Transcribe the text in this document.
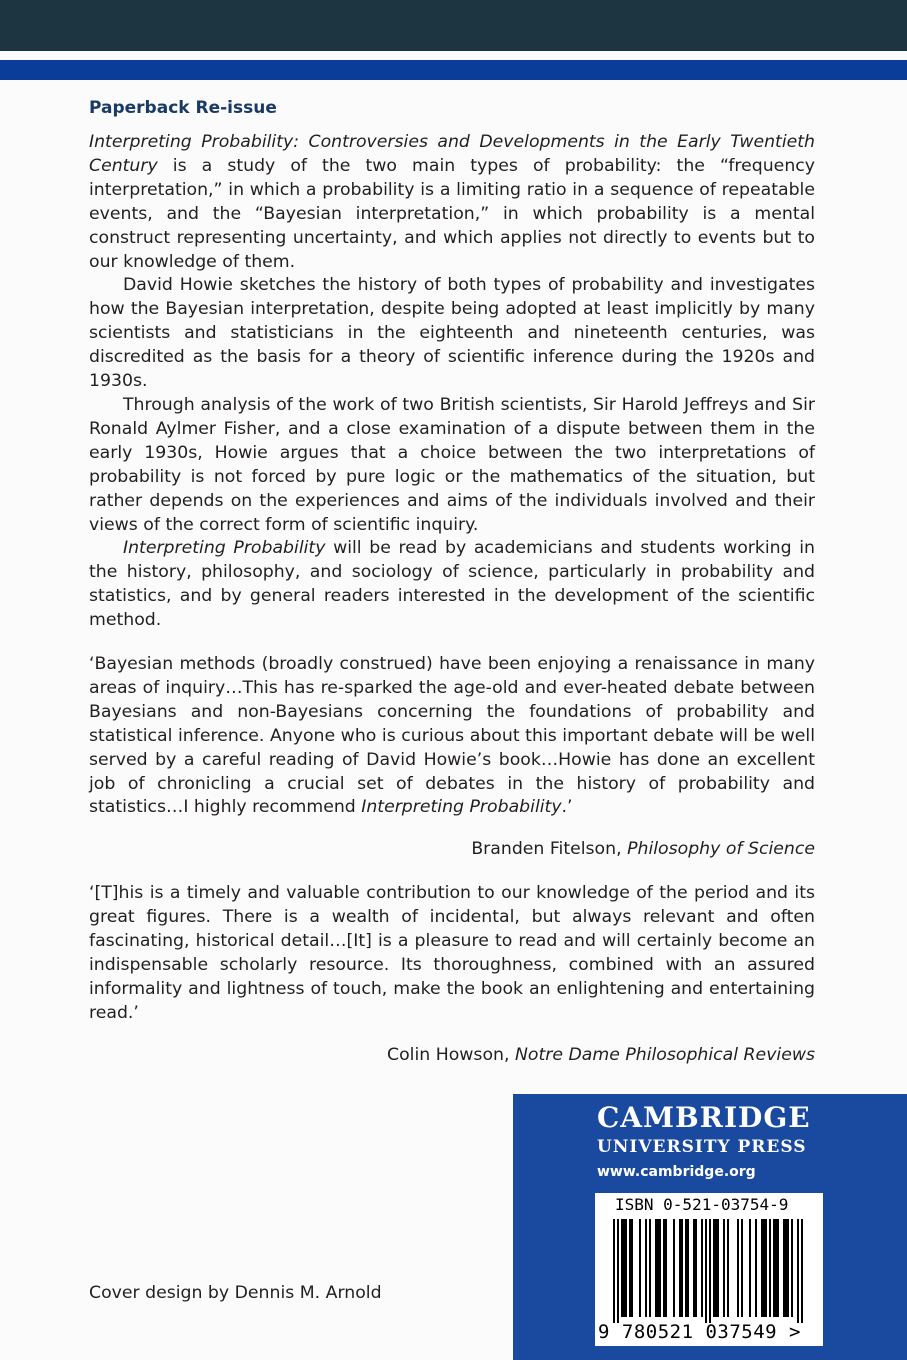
Paperback Re-issue

Interpreting Probability: Controversies and Developments in the Early Twentieth Century is a study of the two main types of probability: the “frequency interpretation,” in which a probability is a limiting ratio in a sequence of repeatable events, and the “Bayesian interpretation,” in which probability is a mental construct representing uncertainty, and which applies not directly to events but to our knowledge of them.

David Howie sketches the history of both types of probability and investigates how the Bayesian interpretation, despite being adopted at least implicitly by many scientists and statisticians in the eighteenth and nineteenth centuries, was discredited as the basis for a theory of scientific inference during the 1920s and 1930s.

Through analysis of the work of two British scientists, Sir Harold Jeffreys and Sir Ronald Aylmer Fisher, and a close examination of a dispute between them in the early 1930s, Howie argues that a choice between the two interpretations of probability is not forced by pure logic or the mathematics of the situation, but rather depends on the experiences and aims of the individuals involved and their views of the correct form of scientific inquiry.

Interpreting Probability will be read by academicians and students working in the history, philosophy, and sociology of science, particularly in probability and statistics, and by general readers interested in the development of the scientific method.

‘Bayesian methods (broadly construed) have been enjoying a renaissance in many areas of inquiry…This has re-sparked the age-old and ever-heated debate between Bayesians and non-Bayesians concerning the foundations of probability and statistical inference. Anyone who is curious about this important debate will be well served by a careful reading of David Howie’s book…Howie has done an excellent job of chronicling a crucial set of debates in the history of probability and statistics…I highly recommend Interpreting Probability.’

Branden Fitelson, Philosophy of Science

‘[T]his is a timely and valuable contribution to our knowledge of the period and its great figures. There is a wealth of incidental, but always relevant and often fascinating, historical detail…[It] is a pleasure to read and will certainly become an indispensable scholarly resource. Its thoroughness, combined with an assured informality and lightness of touch, make the book an enlightening and entertaining read.’

Colin Howson, Notre Dame Philosophical Reviews

Cover design by Dennis M. Arnold
CAMBRIDGE
UNIVERSITY PRESS
www.cambridge.org
ISBN 0-521-03754-9
9 780521 037549 >
